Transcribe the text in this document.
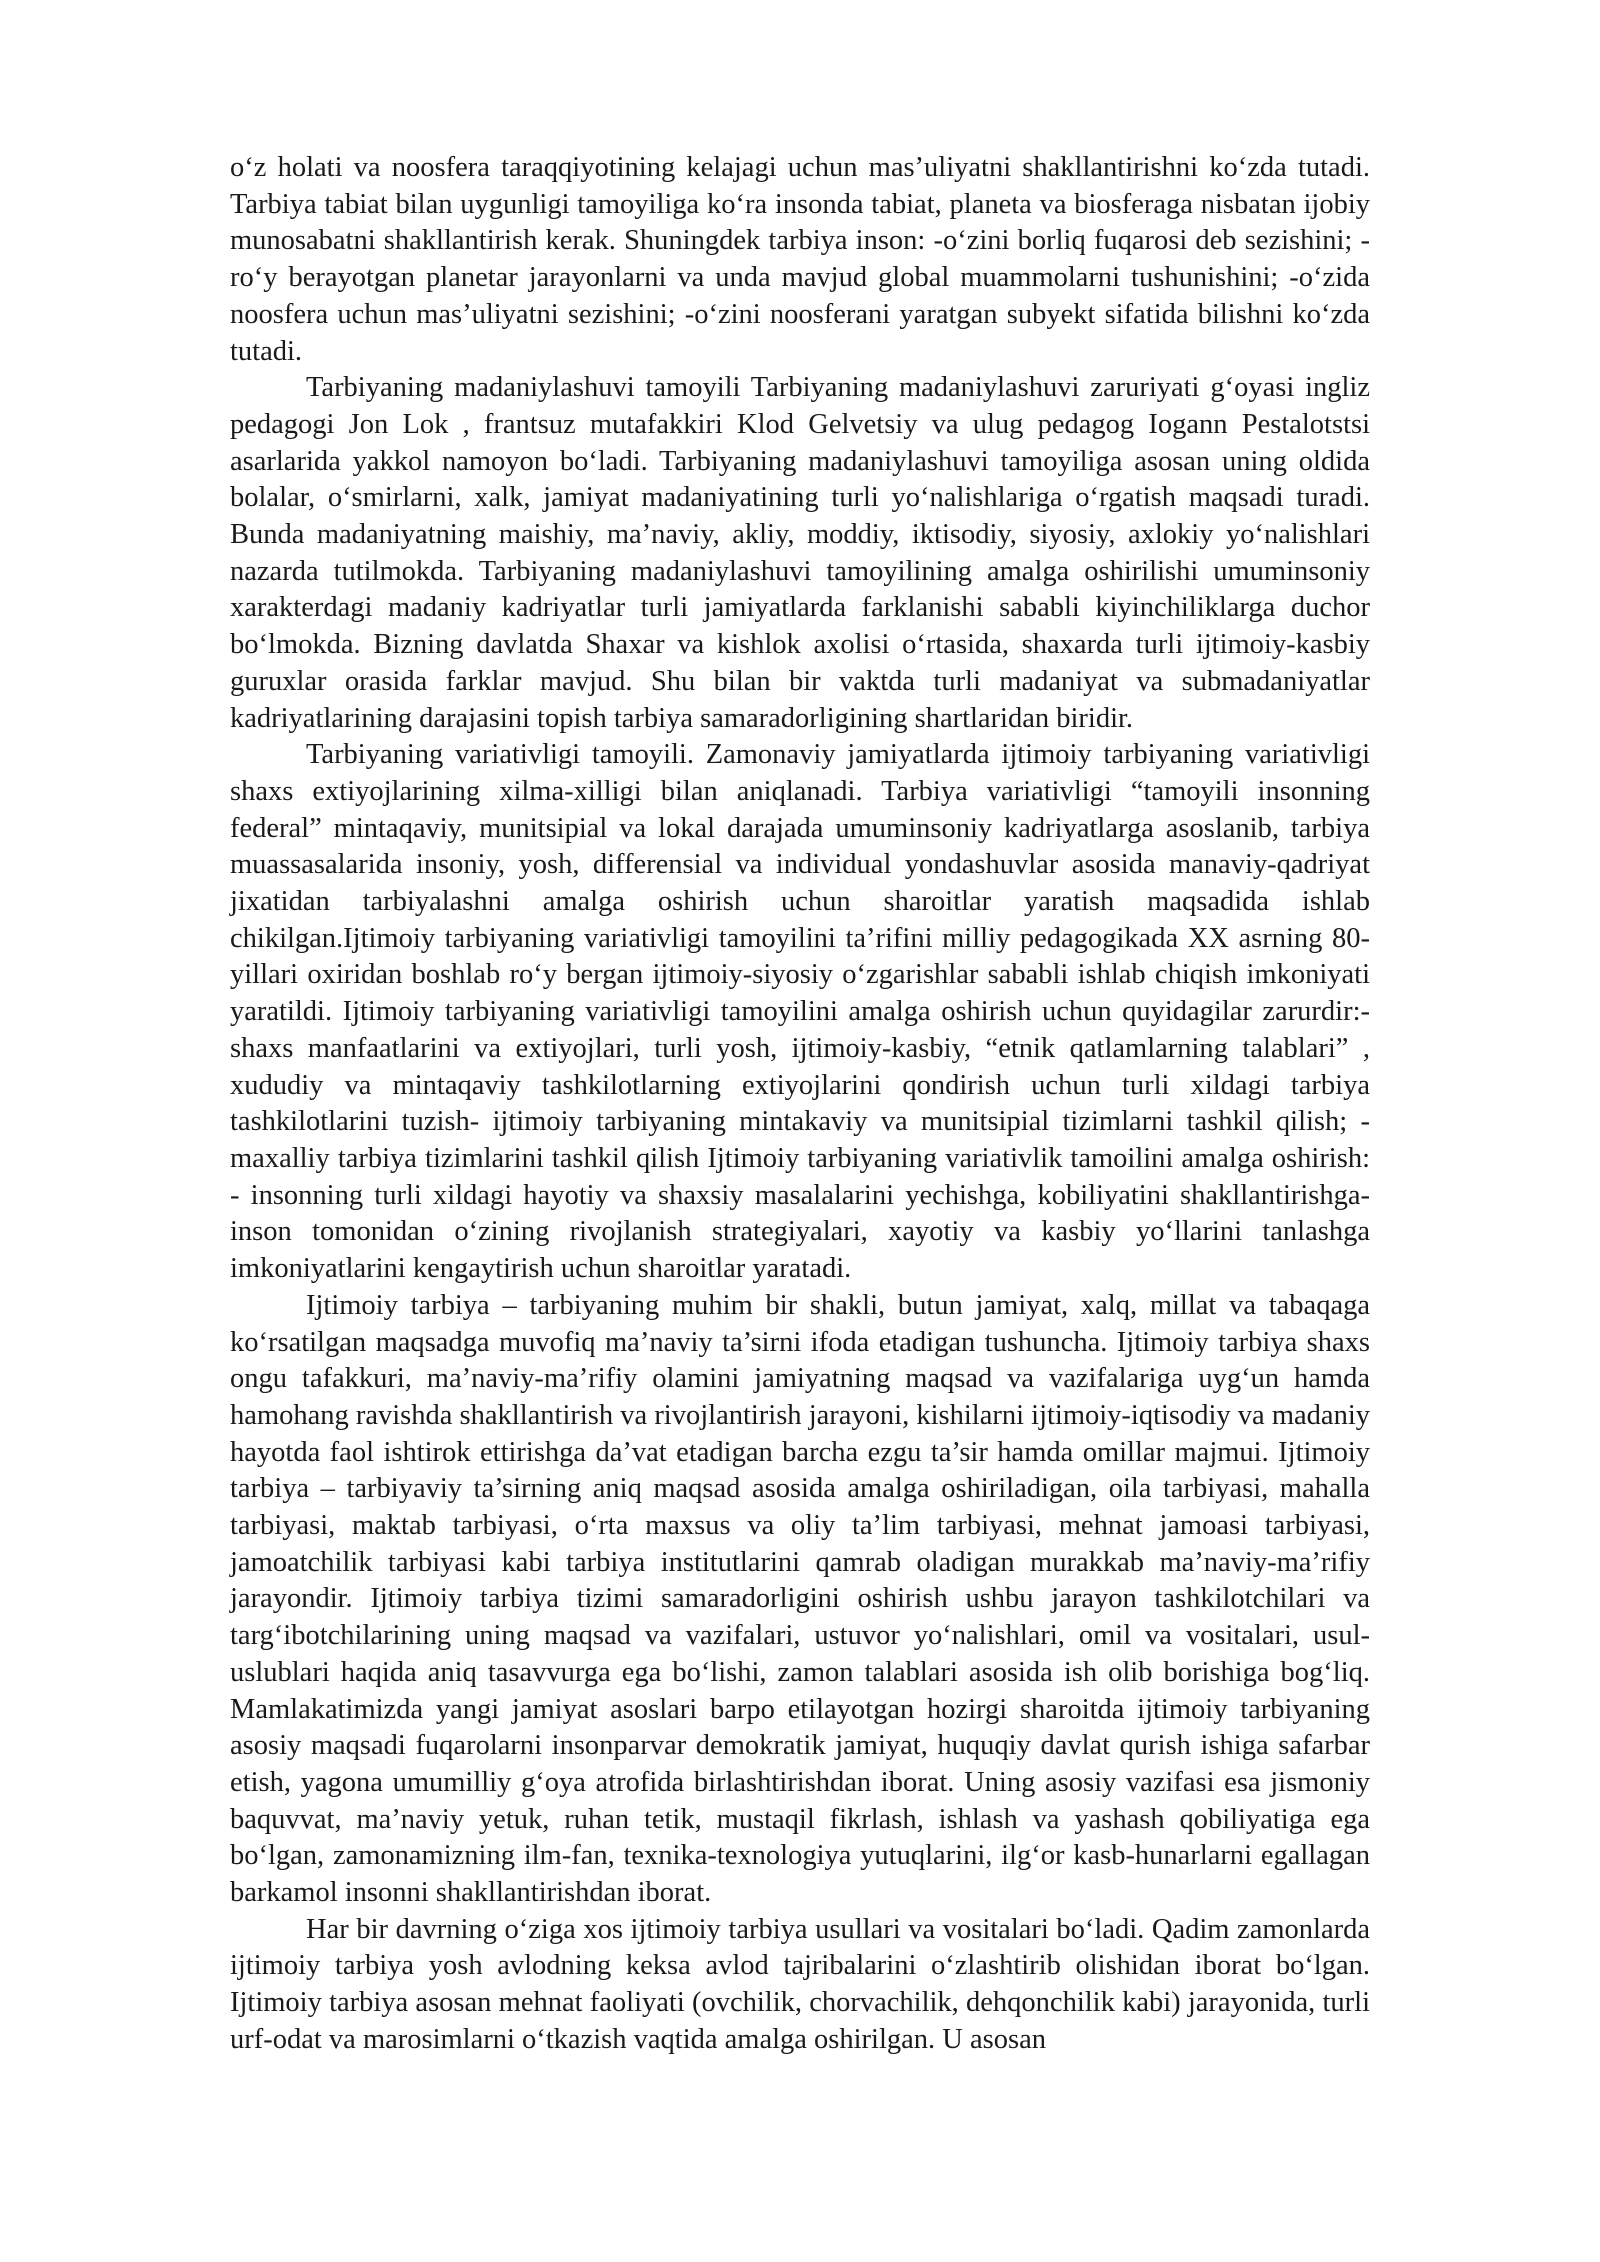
o‘z holati va noosfera taraqqiyotining kelajagi uchun mas’uliyatni shakllantirishni ko‘zda tutadi. Tarbiya tabiat bilan uygunligi tamoyiliga ko‘ra insonda tabiat, planeta va biosferaga nisbatan ijobiy munosabatni shakllantirish kerak. Shuningdek tarbiya inson: -o‘zini borliq fuqarosi deb sezishini; -ro‘y berayotgan planetar jarayonlarni va unda mavjud global muammolarni tushunishini; -o‘zida noosfera uchun mas’uliyatni sezishini; -o‘zini noosferani yaratgan subyekt sifatida bilishni ko‘zda tutadi.

Tarbiyaning madaniylashuvi tamoyili Tarbiyaning madaniylashuvi zaruriyati g‘oyasi ingliz pedagogi Jon Lok , frantsuz mutafakkiri Klod Gelvetsiy va ulug pedagog Iogann Pestalotstsi asarlarida yakkol namoyon bo‘ladi. Tarbiyaning madaniylashuvi tamoyiliga asosan uning oldida bolalar, o‘smirlarni, xalk, jamiyat madaniyatining turli yo‘nalishlariga o‘rgatish maqsadi turadi. Bunda madaniyatning maishiy, ma’naviy, akliy, moddiy, iktisodiy, siyosiy, axlokiy yo‘nalishlari nazarda tutilmokda. Tarbiyaning madaniylashuvi tamoyilining amalga oshirilishi umuminsoniy xarakterdagi madaniy kadriyatlar turli jamiyatlarda farklanishi sababli kiyinchiliklarga duchor bo‘lmokda. Bizning davlatda Shaxar va kishlok axolisi o‘rtasida, shaxarda turli ijtimoiy-kasbiy guruxlar orasida farklar mavjud. Shu bilan bir vaktda turli madaniyat va submadaniyatlar kadriyatlarining darajasini topish tarbiya samaradorligining shartlaridan biridir.

Tarbiyaning variativligi tamoyili. Zamonaviy jamiyatlarda ijtimoiy tarbiyaning variativligi shaxs extiyojlarining xilma-xilligi bilan aniqlanadi. Tarbiya variativligi “tamoyili insonning federal” mintaqaviy, munitsipial va lokal darajada umuminsoniy kadriyatlarga asoslanib, tarbiya muassasalarida insoniy, yosh, differensial va individual yondashuvlar asosida manaviy-qadriyat jixatidan tarbiyalashni amalga oshirish uchun sharoitlar yaratish maqsadida ishlab chikilgan.Ijtimoiy tarbiyaning variativligi tamoyilini ta’rifini milliy pedagogikada XX asrning 80-yillari oxiridan boshlab ro‘y bergan ijtimoiy-siyosiy o‘zgarishlar sababli ishlab chiqish imkoniyati yaratildi. Ijtimoiy tarbiyaning variativligi tamoyilini amalga oshirish uchun quyidagilar zarurdir:- shaxs manfaatlarini va extiyojlari, turli yosh, ijtimoiy-kasbiy, “etnik qatlamlarning talablari” , xududiy va mintaqaviy tashkilotlarning extiyojlarini qondirish uchun turli xildagi tarbiya tashkilotlarini tuzish- ijtimoiy tarbiyaning mintakaviy va munitsipial tizimlarni tashkil qilish; -maxalliy tarbiya tizimlarini tashkil qilish Ijtimoiy tarbiyaning variativlik tamoilini amalga oshirish: - insonning turli xildagi hayotiy va shaxsiy masalalarini yechishga, kobiliyatini shakllantirishga- inson tomonidan o‘zining rivojlanish strategiyalari, xayotiy va kasbiy yo‘llarini tanlashga imkoniyatlarini kengaytirish uchun sharoitlar yaratadi.

Ijtimoiy tarbiya – tarbiyaning muhim bir shakli, butun jamiyat, xalq, millat va tabaqaga ko‘rsatilgan maqsadga muvofiq ma’naviy ta’sirni ifoda etadigan tushuncha. Ijtimoiy tarbiya shaxs ongu tafakkuri, ma’naviy-ma’rifiy olamini jamiyatning maqsad va vazifalariga uyg‘un hamda hamohang ravishda shakllantirish va rivojlantirish jarayoni, kishilarni ijtimoiy-iqtisodiy va madaniy hayotda faol ishtirok ettirishga da’vat etadigan barcha ezgu ta’sir hamda omillar majmui. Ijtimoiy tarbiya – tarbiyaviy ta’sirning aniq maqsad asosida amalga oshiriladigan, oila tarbiyasi, mahalla tarbiyasi, maktab tarbiyasi, o‘rta maxsus va oliy ta’lim tarbiyasi, mehnat jamoasi tarbiyasi, jamoatchilik tarbiyasi kabi tarbiya institutlarini qamrab oladigan murakkab ma’naviy-ma’rifiy jarayondir. Ijtimoiy tarbiya tizimi samaradorligini oshirish ushbu jarayon tashkilotchilari va targ‘ibotchilarining uning maqsad va vazifalari, ustuvor yo‘nalishlari, omil va vositalari, usul-uslublari haqida aniq tasavvurga ega bo‘lishi, zamon talablari asosida ish olib borishiga bog‘liq. Mamlakatimizda yangi jamiyat asoslari barpo etilayotgan hozirgi sharoitda ijtimoiy tarbiyaning asosiy maqsadi fuqarolarni insonparvar demokratik jamiyat, huquqiy davlat qurish ishiga safarbar etish, yagona umumilliy g‘oya atrofida birlashtirishdan iborat. Uning asosiy vazifasi esa jismoniy baquvvat, ma’naviy yetuk, ruhan tetik, mustaqil fikrlash, ishlash va yashash qobiliyatiga ega bo‘lgan, zamonamizning ilm-fan, texnika-texnologiya yutuqlarini, ilg‘or kasb-hunarlarni egallagan barkamol insonni shakllantirishdan iborat.

Har bir davrning o‘ziga xos ijtimoiy tarbiya usullari va vositalari bo‘ladi. Qadim zamonlarda ijtimoiy tarbiya yosh avlodning keksa avlod tajribalarini o‘zlashtirib olishidan iborat bo‘lgan. Ijtimoiy tarbiya asosan mehnat faoliyati (ovchilik, chorvachilik, dehqonchilik kabi) jarayonida, turli urf-odat va marosimlarni o‘tkazish vaqtida amalga oshirilgan. U asosan
